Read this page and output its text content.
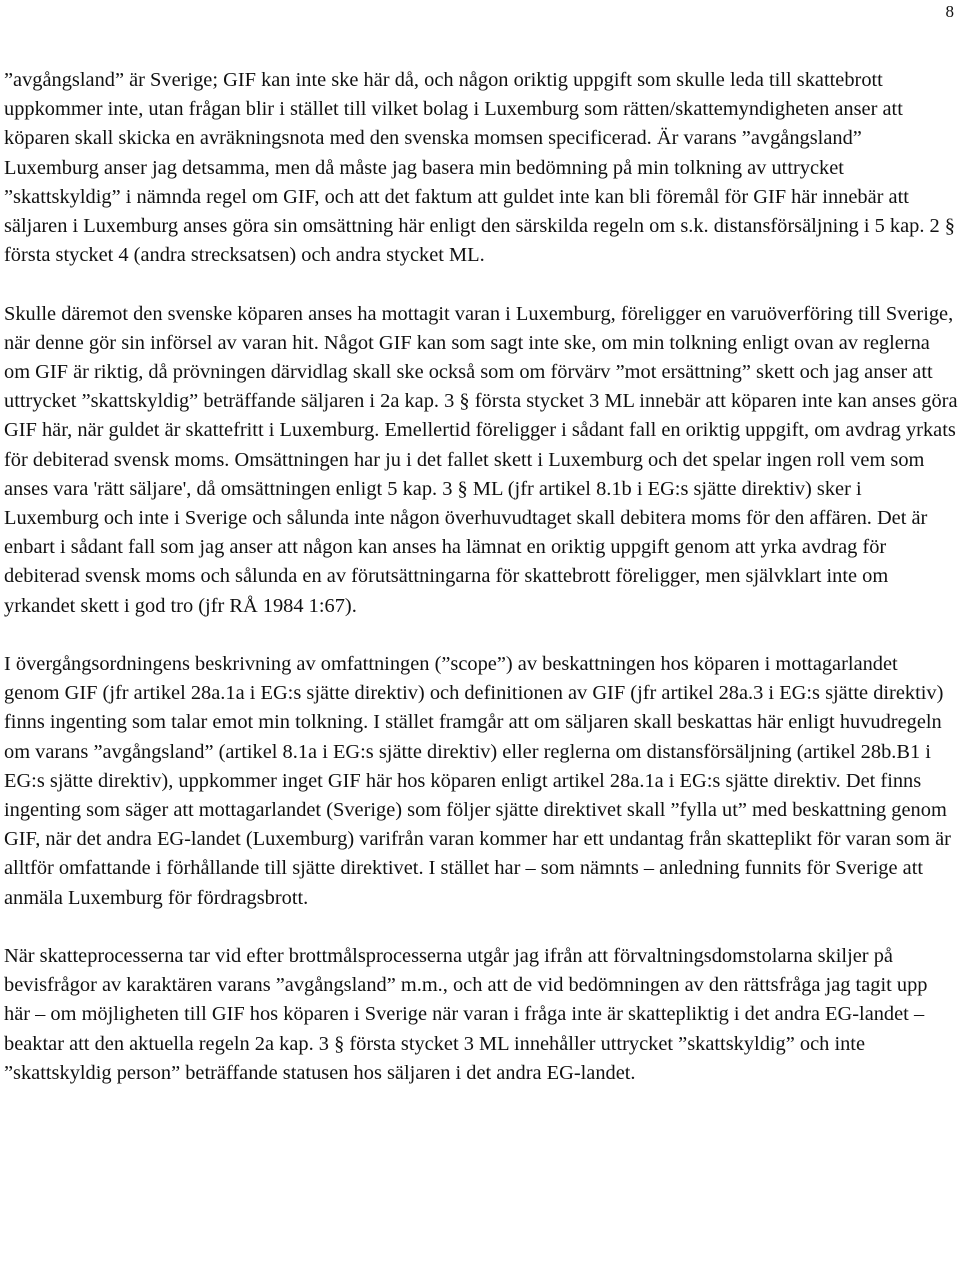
8

”avgångsland” är Sverige; GIF kan inte ske här då, och någon oriktig uppgift som skulle leda till skattebrott uppkommer inte, utan frågan blir i stället till vilket bolag i Luxemburg som rätten/skattemyndigheten anser att köparen skall skicka en avräkningsnota med den svenska momsen specificerad. Är varans ”avgångsland” Luxemburg anser jag detsamma, men då måste jag basera min bedömning på min tolkning av uttrycket ”skattskyldig” i nämnda regel om GIF, och att det faktum att guldet inte kan bli föremål för GIF här innebär att säljaren i Luxemburg anses göra sin omsättning här enligt den särskilda regeln om s.k. distansförsäljning i 5 kap. 2 § första stycket 4 (andra strecksatsen) och andra stycket ML.

Skulle däremot den svenske köparen anses ha mottagit varan i Luxemburg, föreligger en varuöverföring till Sverige, när denne gör sin införsel av varan hit. Något GIF kan som sagt inte ske, om min tolkning enligt ovan av reglerna om GIF är riktig, då prövningen därvidlag skall ske också som om förvärv ”mot ersättning” skett och jag anser att uttrycket ”skattskyldig” beträffande säljaren i 2a kap. 3 § första stycket 3 ML innebär att köparen inte kan anses göra GIF här, när guldet är skattefritt i Luxemburg. Emellertid föreligger i sådant fall en oriktig uppgift, om avdrag yrkats för debiterad svensk moms. Omsättningen har ju i det fallet skett i Luxemburg och det spelar ingen roll vem som anses vara 'rätt säljare', då omsättningen enligt 5 kap. 3 § ML (jfr artikel 8.1b i EG:s sjätte direktiv) sker i Luxemburg och inte i Sverige och sålunda inte någon överhuvudtaget skall debitera moms för den affären. Det är enbart i sådant fall som jag anser att någon kan anses ha lämnat en oriktig uppgift genom att yrka avdrag för debiterad svensk moms och sålunda en av förutsättningarna för skattebrott föreligger, men självklart inte om yrkandet skett i god tro (jfr RÅ 1984 1:67).

I övergångsordningens beskrivning av omfattningen (”scope”) av beskattningen hos köparen i mottagarlandet genom GIF (jfr artikel 28a.1a i EG:s sjätte direktiv) och definitionen av GIF (jfr artikel 28a.3 i EG:s sjätte direktiv) finns ingenting som talar emot min tolkning. I stället framgår att om säljaren skall beskattas här enligt huvudregeln om varans ”avgångsland” (artikel 8.1a i EG:s sjätte direktiv) eller reglerna om distansförsäljning (artikel 28b.B1 i EG:s sjätte direktiv), uppkommer inget GIF här hos köparen enligt artikel 28a.1a i EG:s sjätte direktiv. Det finns ingenting som säger att mottagarlandet (Sverige) som följer sjätte direktivet skall ”fylla ut” med beskattning genom GIF, när det andra EG-landet (Luxemburg) varifrån varan kommer har ett undantag från skatteplikt för varan som är alltför omfattande i förhållande till sjätte direktivet. I stället har – som nämnts – anledning funnits för Sverige att anmäla Luxemburg för fördragsbrott.

När skatteprocesserna tar vid efter brottmålsprocesserna utgår jag ifrån att förvaltningsdomstolarna skiljer på bevisfrågor av karaktären varans ”avgångsland” m.m., och att de vid bedömningen av den rättsfråga jag tagit upp här – om möjligheten till GIF hos köparen i Sverige när varan i fråga inte är skattepliktig i det andra EG-landet – beaktar att den aktuella regeln 2a kap. 3 § första stycket 3 ML innehåller uttrycket ”skattskyldig” och inte ”skattskyldig person” beträffande statusen hos säljaren i det andra EG-landet.
